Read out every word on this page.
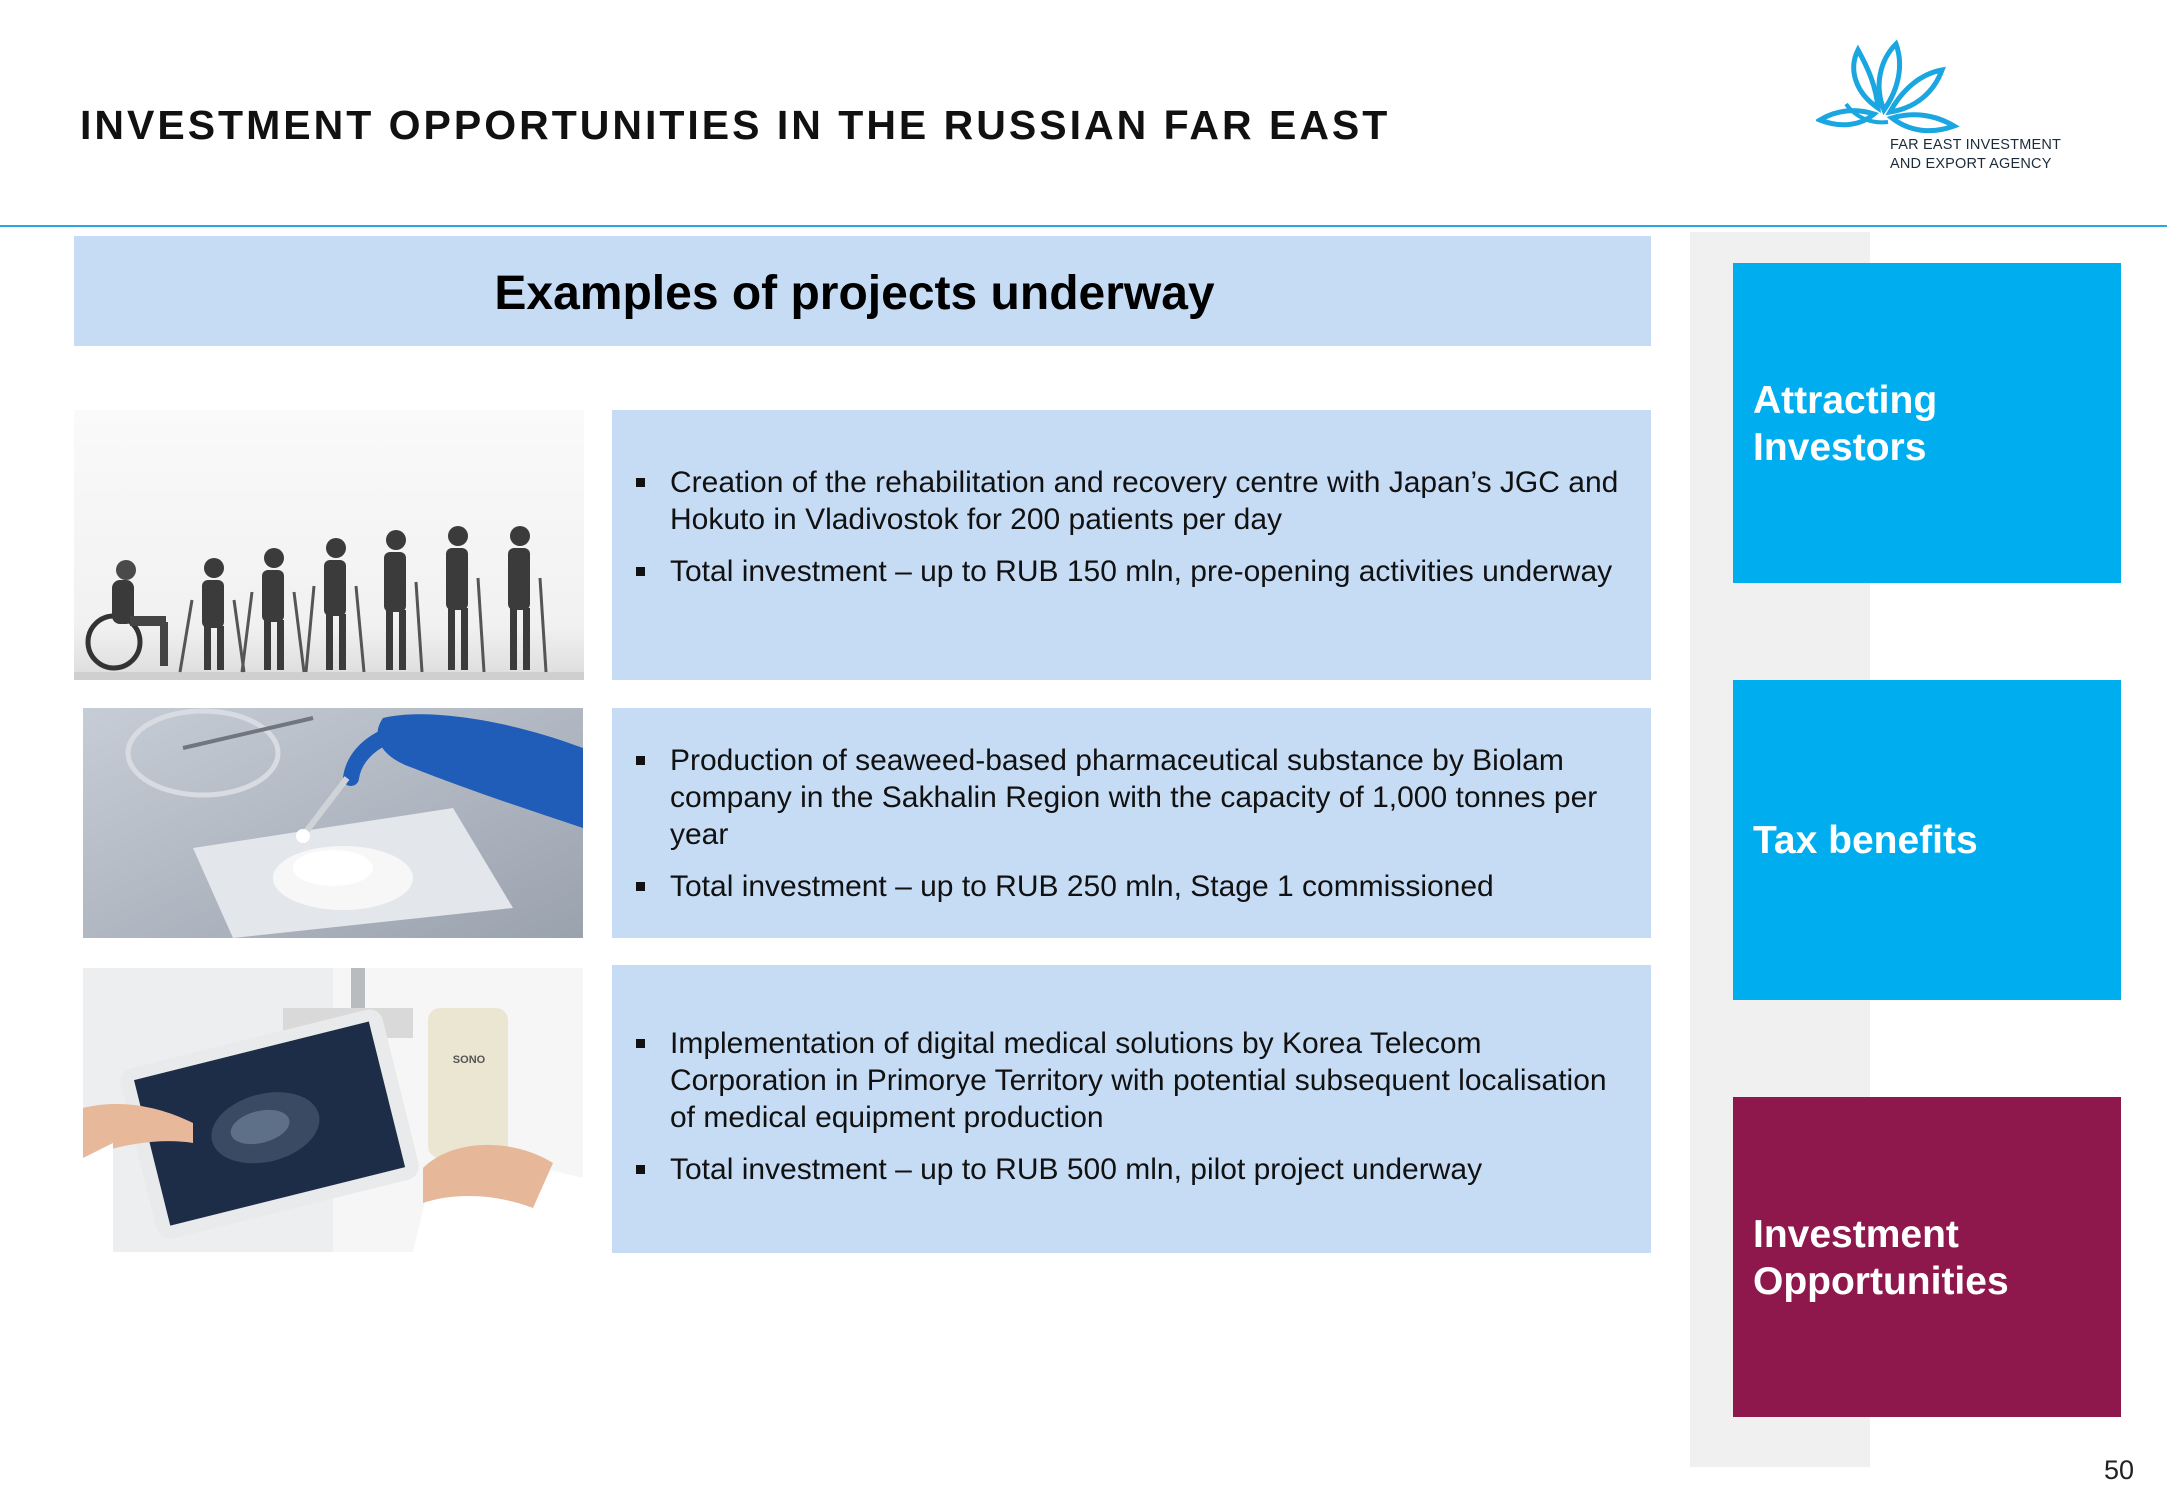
INVESTMENT OPPORTUNITIES IN THE RUSSIAN FAR EAST	FAR EAST INVESTMENT
AND EXPORT AGENCY
Examples of projects underway
SONO
Creation of the rehabilitation and recovery centre with Japan’s JGC and Hokuto in Vladivostok for 200 patients per day
Total investment – up to RUB 150 mln, pre-opening activities underway
Production of seaweed-based pharmaceutical substance by Biolam company in the Sakhalin Region with the capacity of 1,000 tonnes per year
Total investment – up to RUB 250 mln, Stage 1 commissioned
Implementation of digital medical solutions by Korea Telecom Corporation in Primorye Territory with potential subsequent localisation of medical equipment production
Total investment – up to RUB 500 mln, pilot project underway
Attracting Investors
Tax benefits
Investment Opportunities
50
